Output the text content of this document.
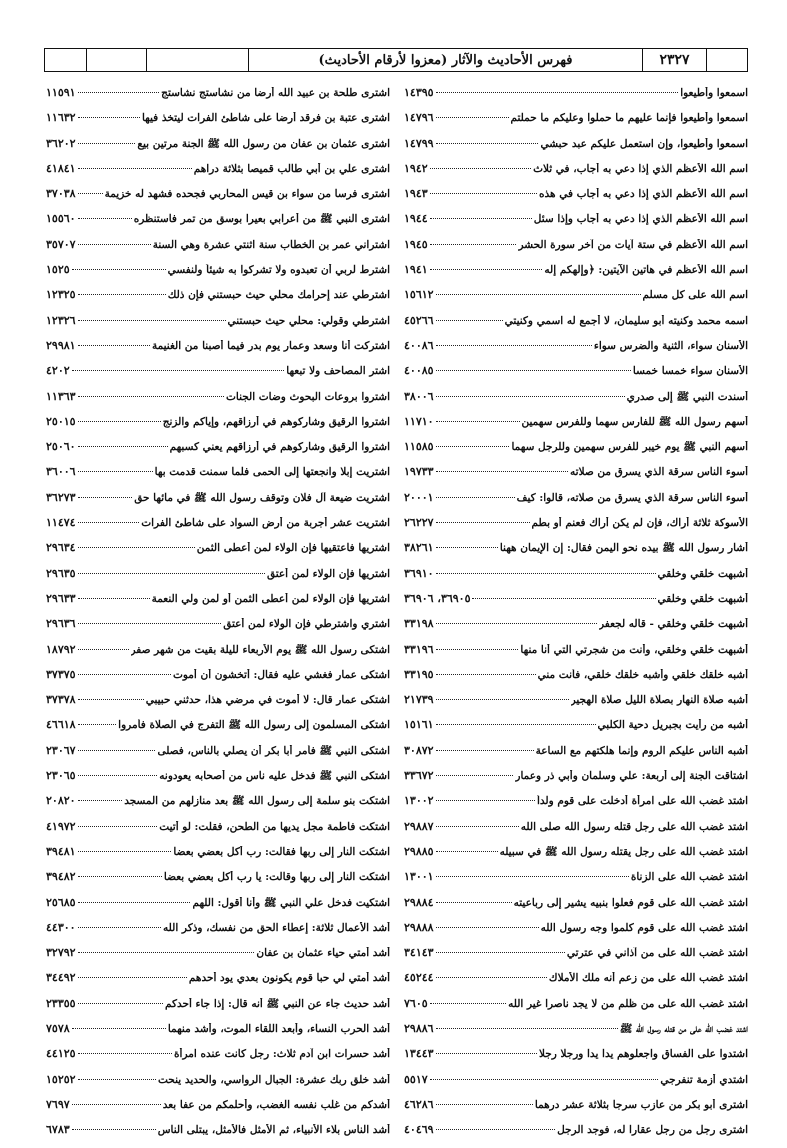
فهرس الأحاديث والآثار (معزوا لأرقام الأحاديث)	٢٣٢٧
اشترى طلحة بن عبيد الله أرضا من نشاستج نشاستج
١١٥٩١
اشترى عتبة بن فرقد أرضا على شاطئ الفرات ليتخذ فيها
١١٦٣٢
اشترى عثمان بن عفان من رسول الله ﷺ الجنة مرتين بيع
٣٦٢٠٢
اشترى علي بن أبي طالب قميصا بثلاثة دراهم
٤١٨٤١
اشترى فرسا من سواء بن قيس المحاربي فجحده فشهد له خزيمة
٣٧٠٣٨
اشترى النبي ﷺ من أعرابي بعيرا بوسق من تمر فاستنظره
١٥٥٦٠
اشتراني عمر بن الخطاب سنة اثنتي عشرة وهي السنة
٣٥٧٠٧
اشترط لربي أن تعبدوه ولا تشركوا به شيئاً ولنفسي
١٥٢٥
اشترطي عند إحرامك محلي حيث حبستني فإن ذلك
١٢٣٢٥
اشترطي وقولي: محلي حيث حبستني
١٢٣٢٦
اشتركت أنا وسعد وعمار يوم بدر فيما أصبنا من الغنيمة
٢٩٩٨١
اشتر المصاحف ولا تبعها
٤٢٠٢
اشتروا بروعات البحوث وضات الجنات
١١٣٦٣
اشتروا الرقيق وشاركوهم في أرزاقهم، وإياكم والزنج
٢٥٠١٥
اشتروا الرقيق وشاركوهم في أرزاقهم يعني كسبهم
٢٥٠٦٠
اشتريت إبلا وانجعتها إلى الحمى فلما سمنت قدمت بها
٣٦٠٠٦
اشتريت ضيعة آل فلان وتوقف رسول الله ﷺ في مائها حق
٣٦٢٧٣
اشتريت عشر أجربة من أرض السواد على شاطئ الفرات
١١٤٧٤
اشتريها فاعتقيها فإن الولاء لمن أعطى الثمن
٢٩٦٣٤
اشتريها فإن الولاء لمن أعتق
٢٩٦٣٥
اشتريها فإن الولاء لمن أعطى الثمن أو لمن ولي النعمة
٢٩٦٣٣
اشتري واشترطي فإن الولاء لمن أعتق
٢٩٦٣٦
اشتكى رسول الله ﷺ يوم الأربعاء لليلة بقيت من شهر صفر
١٨٧٩٢
اشتكى عمار فغشي عليه فقال: أتخشون أن أموت
٣٧٣٧٥
اشتكى عمار قال: لا أموت في مرضي هذا، حدثني حبيبي
٣٧٣٧٨
اشتكى المسلمون إلى رسول الله ﷺ التفرج في الصلاة فأمروا
٤٦٦١٨
اشتكى النبي ﷺ فأمر أبا بكر أن يصلي بالناس، فصلى
٢٣٠٦٧
اشتكى النبي ﷺ فدخل عليه ناس من أصحابه يعودونه
٢٣٠٦٥
اشتكت بنو سلمة إلى رسول الله ﷺ بعد منازلهم من المسجد
٢٠٨٢٠
اشتكت فاطمة مجل يديها من الطحن، فقلت: لو أتيت
٤١٩٧٢
اشتكت النار إلى ربها فقالت: رب أكل بعضي بعضا
٣٩٤٨١
اشتكت النار إلى ربها وقالت: يا رب أكل بعضي بعضا
٣٩٤٨٢
اشتكيت فدخل علي النبي ﷺ وأنا أقول: اللهم
٢٥٦٨٥
أشد الأعمال ثلاثة: إعطاء الحق من نفسك، وذكر الله
٤٤٣٠٠
أشد أمتي حياء عثمان بن عفان
٣٢٧٩٢
أشد أمتي لي حبا قوم يكونون بعدي يود أحدهم
٣٤٤٩٢
أشد حديث جاء عن النبي ﷺ أنه قال: إذا جاء أحدكم
٢٣٣٥٥
أشد الحرب النساء، وأبعد اللقاء الموت، وأشد منهما
٧٥٧٨
أشد حسرات ابن آدم ثلاث: رجل كانت عنده امرأة
٤٤١٢٥
أشد خلق ربك عشرة: الجبال الرواسي، والحديد ينحت
١٥٢٥٢
أشدكم من غلب نفسه الغضب، وأحلمكم من عفا بعد
٧٦٩٧
أشد الناس بلاء الأنبياء، ثم الأمثل فالأمثل، يبتلى الناس
٦٧٨٣
اسمعوا وأطيعوا
١٤٣٩٥
اسمعوا وأطيعوا فإنما عليهم ما حملوا وعليكم ما حملتم
١٤٧٩٦
اسمعوا وأطيعوا، وإن استعمل عليكم عبد حبشي
١٤٧٩٩
اسم الله الأعظم الذي إذا دعي به أجاب، في ثلاث
١٩٤٢
اسم الله الأعظم الذي إذا دعي به أجاب في هذه
١٩٤٣
اسم الله الأعظم الذي إذا دعي به أجاب وإذا سئل
١٩٤٤
اسم الله الأعظم في ستة آيات من آخر سورة الحشر
١٩٤٥
اسم الله الأعظم في هاتين الآيتين: ﴿وإلهكم إله
١٩٤١
اسم الله على كل مسلم
١٥٦١٢
اسمه محمد وكنيته أبو سليمان، لا أجمع له اسمي وكنيتي
٤٥٢٦٦
الأسنان سواء، الثنية والضرس سواء
٤٠٠٨٦
الأسنان سواء خمسا خمسا
٤٠٠٨٥
أسندت النبي ﷺ إلى صدري
٣٨٠٠٦
أسهم رسول الله ﷺ للفارس سهما وللفرس سهمين
١١٧١٠
أسهم النبي ﷺ يوم خيبر للفرس سهمين وللرجل سهما
١١٥٨٥
أسوء الناس سرقة الذي يسرق من صلاته
١٩٧٣٣
أسوء الناس سرقة الذي يسرق من صلاته، قالوا: كيف
٢٠٠٠١
الأسوكة ثلاثة أراك، فإن لم يكن أراك فعنم أو بطم
٢٦٢٢٧
أشار رسول الله ﷺ بيده نحو اليمن فقال: إن الإيمان ههنا
٣٨٢٦١
أشبهت خلقي وخلقي
٣٦٩١٠
أشبهت خلقي وخلقي
٣٦٩٠٥، ٣٦٩٠٦
أشبهت خلقي وخلقي - قاله لجعفر
٣٣١٩٨
أشبهت خلقي وخلقي، وأنت من شجرتي التي أنا منها
٣٣١٩٦
أشبه خلقك خلقي وأشبه خلقك خلقي، فأنت مني
٣٣١٩٥
أشبه صلاة النهار بصلاة الليل صلاة الهجير
٢١٧٣٩
أشبه من رأيت بجبريل دحية الكلبي
١٥١٦١
أشبه الناس عليكم الروم وإنما هلكتهم مع الساعة
٣٠٨٧٢
اشتاقت الجنة إلى أربعة: علي وسلمان وأبي ذر وعمار
٣٣٦٧٢
اشتد غضب الله على امرأة أدخلت على قوم ولداً
١٣٠٠٢
اشتد غضب الله على رجل قتله رسول الله صلى الله
٢٩٨٨٧
اشتد غضب الله على رجل يقتله رسول الله ﷺ في سبيله
٢٩٨٨٥
اشتد غضب الله على الزناة
١٣٠٠١
اشتد غضب الله على قوم فعلوا بنبيه يشير إلى رباعيته
٢٩٨٨٤
اشتد غضب الله على قوم كلموا وجه رسول الله
٢٩٨٨٨
اشتد غضب الله على من آذاني في عترتي
٣٤١٤٣
اشتد غضب الله على من زعم أنه ملك الأملاك
٤٥٢٤٤
اشتد غضب الله على من ظلم من لا يجد ناصرا غير الله
٧٦٠٥
اشتد غضب الله على من قتله رسول الله ﷺ
٢٩٨٨٦
اشتدوا على الفساق واجعلوهم يدا يدا ورجلا رجلا
١٣٤٤٣
اشتدي أزمة تنفرجي
٥٥١٧
اشترى أبو بكر من عازب سرجا بثلاثة عشر درهما
٤٦٢٨٦
اشترى رجل من رجل عقارا له، فوجد الرجل
٤٠٤٦٩
